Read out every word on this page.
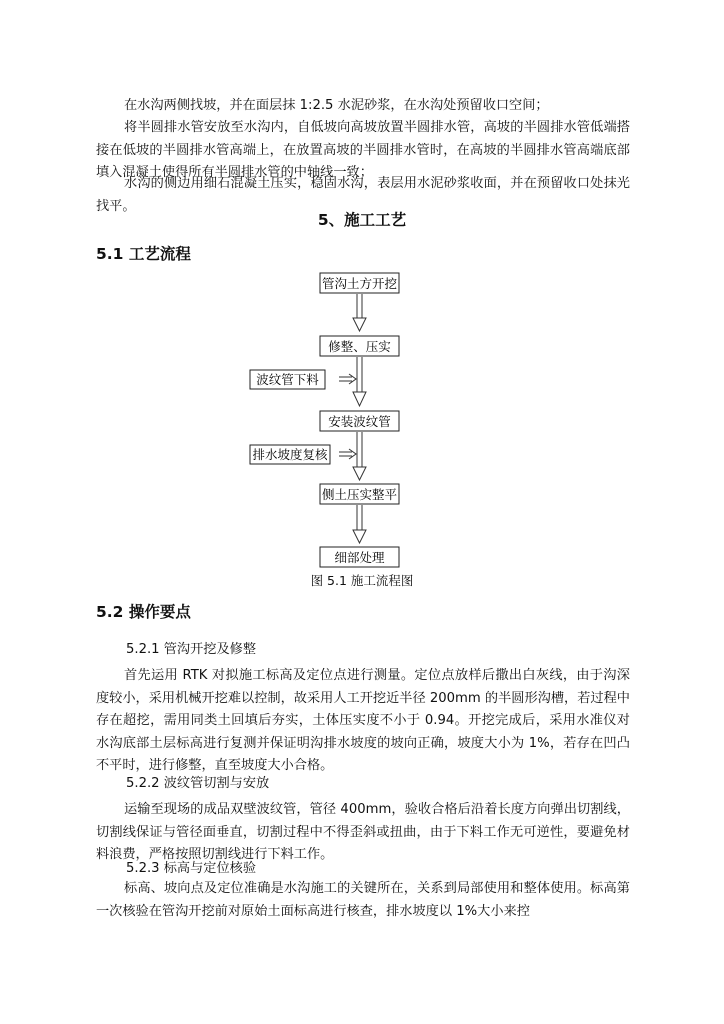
在水沟两侧找坡，并在面层抹 1:2.5 水泥砂浆，在水沟处预留收口空间；

将半圆排水管安放至水沟内，自低坡向高坡放置半圆排水管，高坡的半圆排水管低端搭接在低坡的半圆排水管高端上，在放置高坡的半圆排水管时，在高坡的半圆排水管高端底部填入混凝土使得所有半圆排水管的中轴线一致；

水沟的侧边用细石混凝土压实，稳固水沟，表层用水泥砂浆收面，并在预留收口处抹光找平。

5、施工工艺

5.1 工艺流程

管沟土方开挖
修整、压实
安装波纹管
侧土压实整平
细部处理
波纹管下料
排水坡度复核
图 5.1 施工流程图

5.2 操作要点

5.2.1 管沟开挖及修整

首先运用 RTK 对拟施工标高及定位点进行测量。定位点放样后撒出白灰线，由于沟深度较小，采用机械开挖难以控制，故采用人工开挖近半径 200mm 的半圆形沟槽，若过程中存在超挖，需用同类土回填后夯实，土体压实度不小于 0.94。开挖完成后，采用水准仪对水沟底部土层标高进行复测并保证明沟排水坡度的坡向正确，坡度大小为 1%，若存在凹凸不平时，进行修整，直至坡度大小合格。

5.2.2 波纹管切割与安放

运输至现场的成品双壁波纹管，管径 400mm，验收合格后沿着长度方向弹出切割线，切割线保证与管径面垂直，切割过程中不得歪斜或扭曲，由于下料工作无可逆性，要避免材料浪费，严格按照切割线进行下料工作。

5.2.3 标高与定位核验

标高、坡向点及定位准确是水沟施工的关键所在，关系到局部使用和整体使用。标高第一次核验在管沟开挖前对原始土面标高进行核查，排水坡度以 1%大小来控
